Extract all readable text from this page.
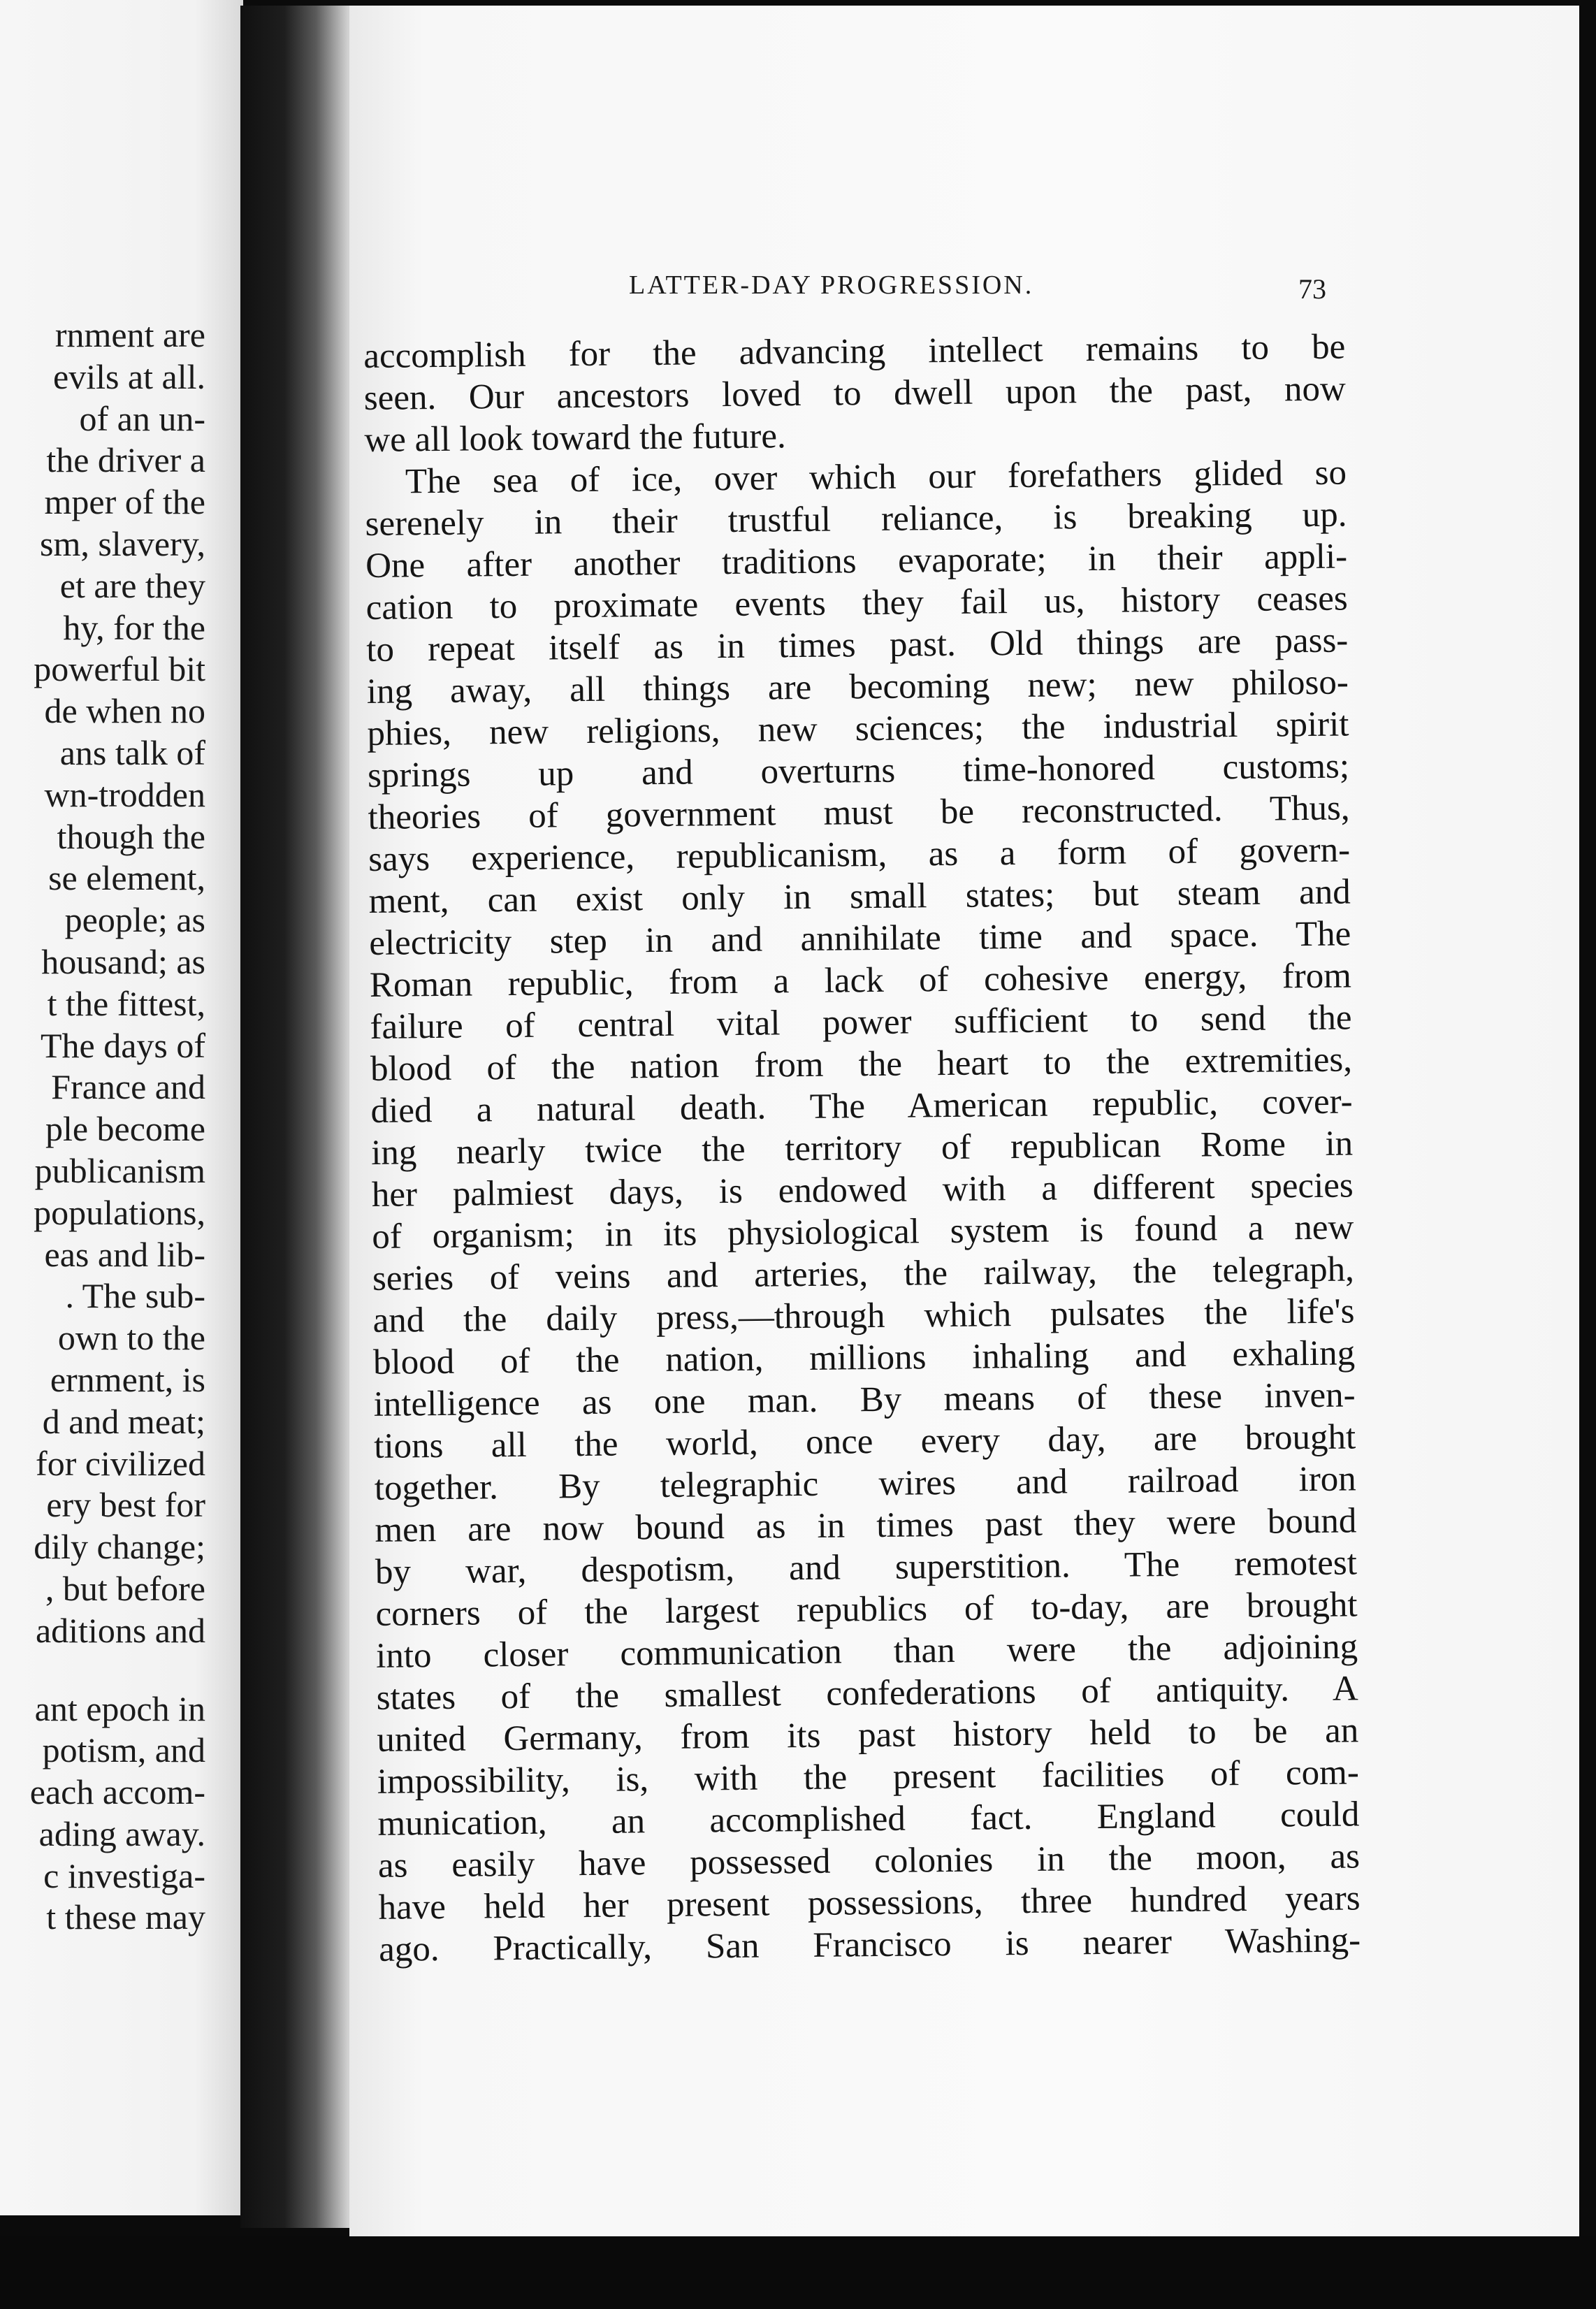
rnment are
evils at all.
of an un-
the driver a
mper of the
sm, slavery,
et are they
hy, for the
powerful bit
de when no
ans talk of
wn-trodden
though the
se element,
people; as
housand; as
t the fittest,
The days of
France and
ple become
publicanism
populations,
eas and lib-
. The sub-
own to the
ernment, is
d and meat;
for civilized
ery best for
dily change;
, but before
aditions and
ant epoch in
potism, and
each accom-
ading away.
c investiga-
t these may
LATTER-DAY PROGRESSION.	73
accomplish for the advancing intellect remains to be
seen. Our ancestors loved to dwell upon the past, now
we all look toward the future.
The sea of ice, over which our forefathers glided so
serenely in their trustful reliance, is breaking up.
One after another traditions evaporate; in their appli-
cation to proximate events they fail us, history ceases
to repeat itself as in times past. Old things are pass-
ing away, all things are becoming new; new philoso-
phies, new religions, new sciences; the industrial spirit
springs up and overturns time-honored customs;
theories of government must be reconstructed. Thus,
says experience, republicanism, as a form of govern-
ment, can exist only in small states; but steam and
electricity step in and annihilate time and space. The
Roman republic, from a lack of cohesive energy, from
failure of central vital power sufficient to send the
blood of the nation from the heart to the extremities,
died a natural death. The American republic, cover-
ing nearly twice the territory of republican Rome in
her palmiest days, is endowed with a different species
of organism; in its physiological system is found a new
series of veins and arteries, the railway, the telegraph,
and the daily press,—through which pulsates the life's
blood of the nation, millions inhaling and exhaling
intelligence as one man. By means of these inven-
tions all the world, once every day, are brought
together. By telegraphic wires and railroad iron
men are now bound as in times past they were bound
by war, despotism, and superstition. The remotest
corners of the largest republics of to-day, are brought
into closer communication than were the adjoining
states of the smallest confederations of antiquity. A
united Germany, from its past history held to be an
impossibility, is, with the present facilities of com-
munication, an accomplished fact. England could
as easily have possessed colonies in the moon, as
have held her present possessions, three hundred years
ago. Practically, San Francisco is nearer Washing-
